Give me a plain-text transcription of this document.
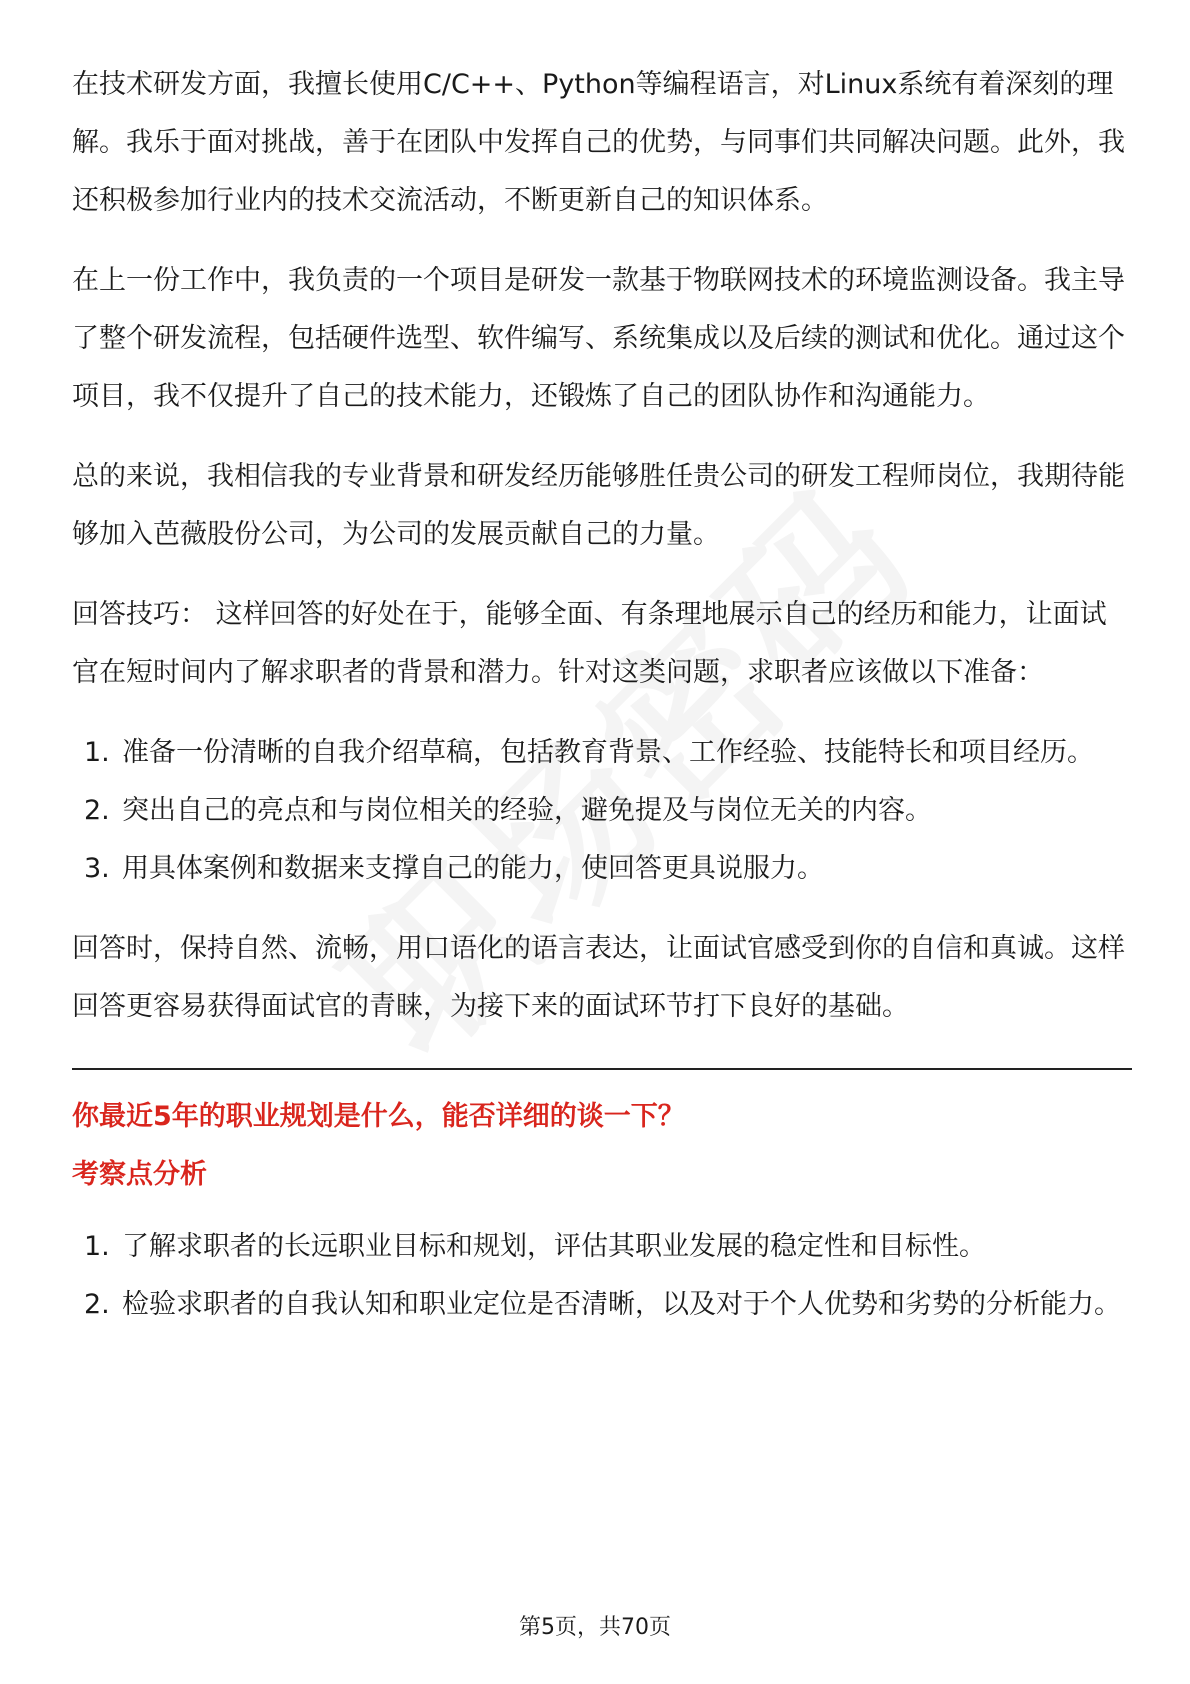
在技术研发方面，我擅长使用C/C++、Python等编程语言，对Linux系统有着深刻的理解。我乐于面对挑战，善于在团队中发挥自己的优势，与同事们共同解决问题。此外，我还积极参加行业内的技术交流活动，不断更新自己的知识体系。

在上一份工作中，我负责的一个项目是研发一款基于物联网技术的环境监测设备。我主导了整个研发流程，包括硬件选型、软件编写、系统集成以及后续的测试和优化。通过这个项目，我不仅提升了自己的技术能力，还锻炼了自己的团队协作和沟通能力。

总的来说，我相信我的专业背景和研发经历能够胜任贵公司的研发工程师岗位，我期待能够加入芭薇股份公司，为公司的发展贡献自己的力量。

回答技巧： 这样回答的好处在于，能够全面、有条理地展示自己的经历和能力，让面试官在短时间内了解求职者的背景和潜力。针对这类问题，求职者应该做以下准备：

1. 准备一份清晰的自我介绍草稿，包括教育背景、工作经验、技能特长和项目经历。
2. 突出自己的亮点和与岗位相关的经验，避免提及与岗位无关的内容。
3. 用具体案例和数据来支撑自己的能力，使回答更具说服力。

回答时，保持自然、流畅，用口语化的语言表达，让面试官感受到你的自信和真诚。这样回答更容易获得面试官的青睐，为接下来的面试环节打下良好的基础。

你最近5年的职业规划是什么，能否详细的谈一下？

考察点分析

1. 了解求职者的长远职业目标和规划，评估其职业发展的稳定性和目标性。
2. 检验求职者的自我认知和职业定位是否清晰，以及对于个人优势和劣势的分析能力。
第5页，共70页
